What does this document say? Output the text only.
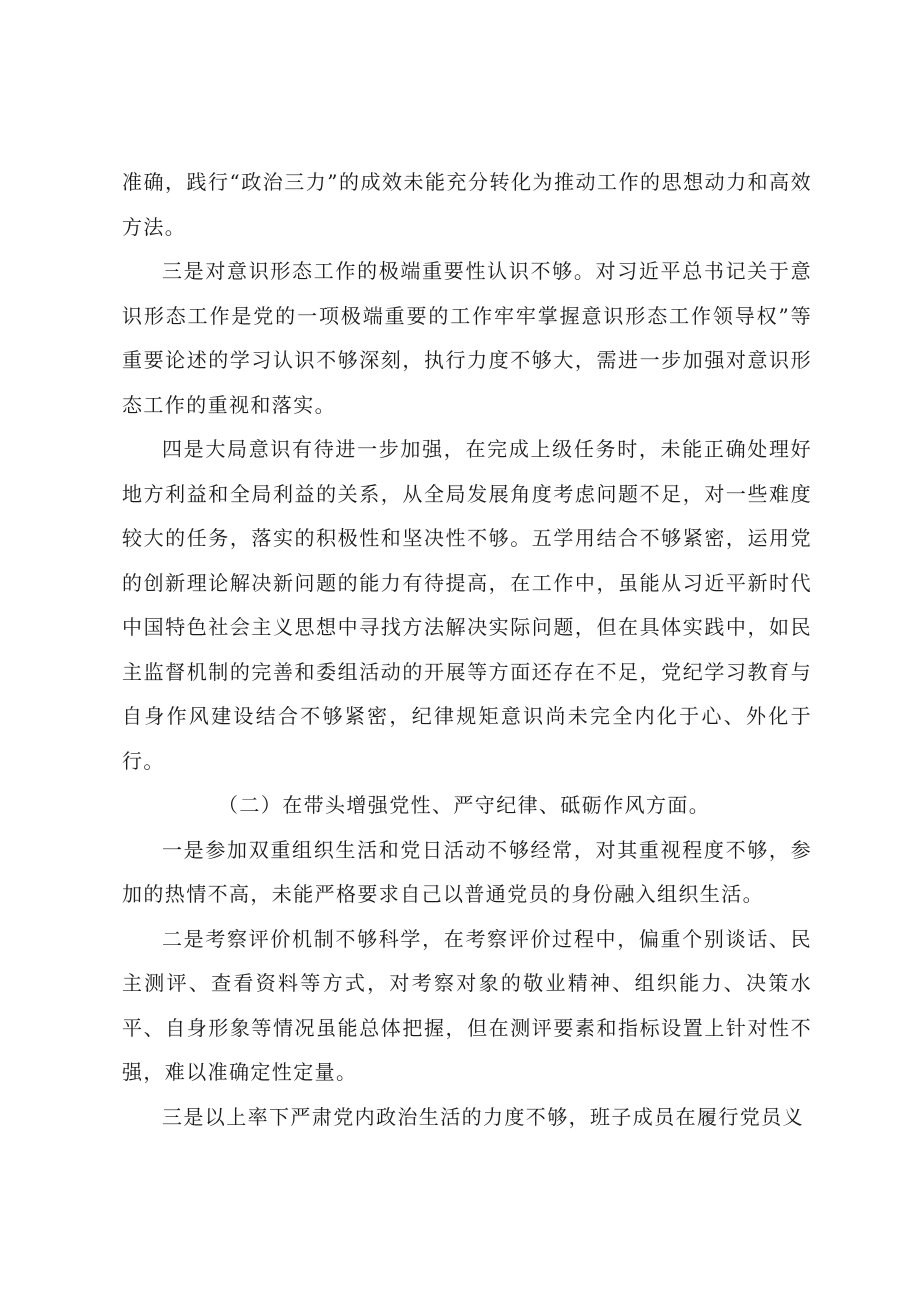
准确，践行“政治三力”的成效未能充分转化为推动工作的思想动力和高效方法。

三是对意识形态工作的极端重要性认识不够。对习近平总书记关于意识形态工作是党的一项极端重要的工作牢牢掌握意识形态工作领导权”等重要论述的学习认识不够深刻，执行力度不够大，需进一步加强对意识形态工作的重视和落实。

四是大局意识有待进一步加强，在完成上级任务时，未能正确处理好地方利益和全局利益的关系，从全局发展角度考虑问题不足，对一些难度较大的任务，落实的积极性和坚决性不够。五学用结合不够紧密，运用党的创新理论解决新问题的能力有待提高，在工作中，虽能从习近平新时代中国特色社会主义思想中寻找方法解决实际问题，但在具体实践中，如民主监督机制的完善和委组活动的开展等方面还存在不足，党纪学习教育与自身作风建设结合不够紧密，纪律规矩意识尚未完全内化于心、外化于行。

（二）在带头增强党性、严守纪律、砥砺作风方面。

一是参加双重组织生活和党日活动不够经常，对其重视程度不够，参加的热情不高，未能严格要求自己以普通党员的身份融入组织生活。

二是考察评价机制不够科学，在考察评价过程中，偏重个别谈话、民主测评、查看资料等方式，对考察对象的敬业精神、组织能力、决策水平、自身形象等情况虽能总体把握，但在测评要素和指标设置上针对性不强，难以准确定性定量。

三是以上率下严肃党内政治生活的力度不够，班子成员在履行党员义
